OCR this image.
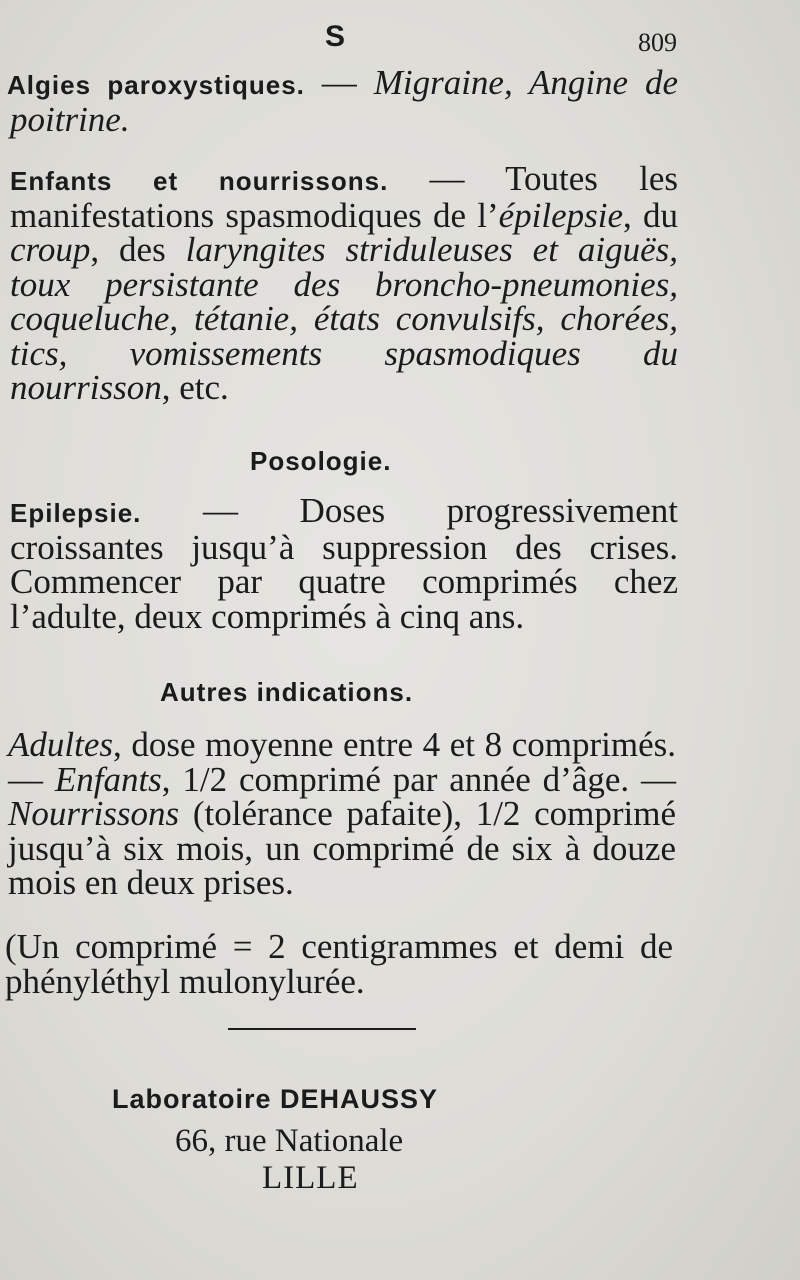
S	809
Algies paroxystiques. — Migraine, Angine de poitrine.
Enfants et nourrissons. — Toutes les manifestations spasmodiques de l’épilepsie, du croup, des laryngites striduleuses et aiguës, toux persistante des broncho-pneumonies, coqueluche, tétanie, états convulsifs, chorées, tics, vomissements spasmodiques du nourrisson, etc.
Posologie.
Epilepsie. — Doses progressivement croissantes jusqu’à suppression des crises. Commencer par quatre comprimés chez l’adulte, deux comprimés à cinq ans.
Autres indications.
Adultes, dose moyenne entre 4 et 8 comprimés. — Enfants, 1/2 comprimé par année d’âge. — Nourrissons (tolérance pafaite), 1/2 comprimé jusqu’à six mois, un comprimé de six à douze mois en deux prises.
(Un comprimé = 2 centigrammes et demi de phényléthyl mulonylurée.
Laboratoire DEHAUSSY
66, rue Nationale
LILLE
